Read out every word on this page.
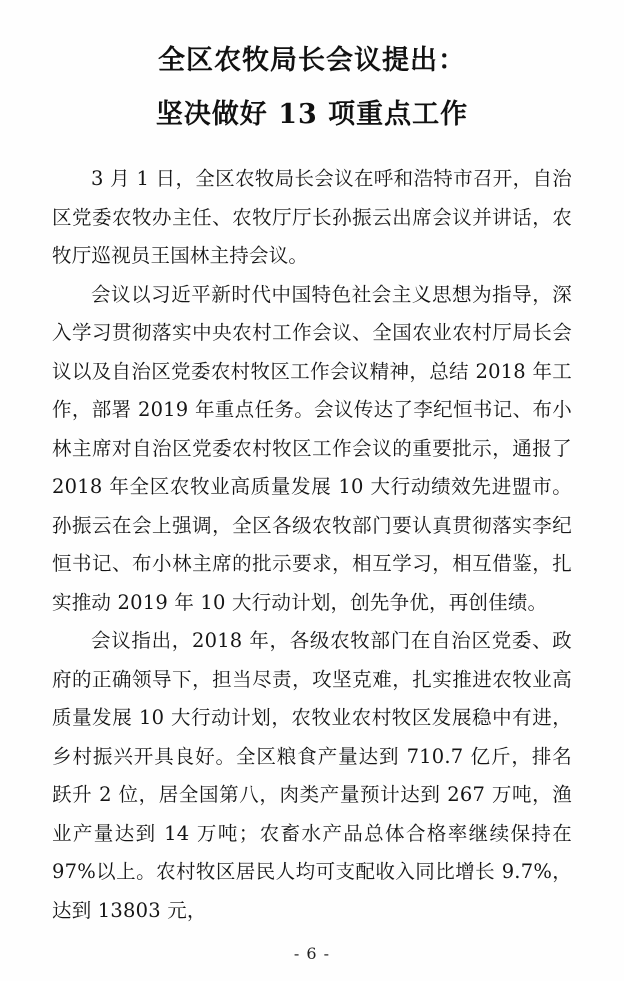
全区农牧局长会议提出：
坚决做好 13 项重点工作

3 月 1 日，全区农牧局长会议在呼和浩特市召开，自治区党委农牧办主任、农牧厅厅长孙振云出席会议并讲话，农牧厅巡视员王国林主持会议。

会议以习近平新时代中国特色社会主义思想为指导，深入学习贯彻落实中央农村工作会议、全国农业农村厅局长会议以及自治区党委农村牧区工作会议精神，总结 2018 年工作，部署 2019 年重点任务。会议传达了李纪恒书记、布小林主席对自治区党委农村牧区工作会议的重要批示，通报了 2018 年全区农牧业高质量发展 10 大行动绩效先进盟市。孙振云在会上强调，全区各级农牧部门要认真贯彻落实李纪恒书记、布小林主席的批示要求，相互学习，相互借鉴，扎实推动 2019 年 10 大行动计划，创先争优，再创佳绩。

会议指出，2018 年，各级农牧部门在自治区党委、政府的正确领导下，担当尽责，攻坚克难，扎实推进农牧业高质量发展 10 大行动计划，农牧业农村牧区发展稳中有进，乡村振兴开具良好。全区粮食产量达到 710.7 亿斤，排名跃升 2 位，居全国第八，肉类产量预计达到 267 万吨，渔业产量达到 14 万吨；农畜水产品总体合格率继续保持在 97%以上。农村牧区居民人均可支配收入同比增长 9.7%，达到 13803 元，

- 6 -
